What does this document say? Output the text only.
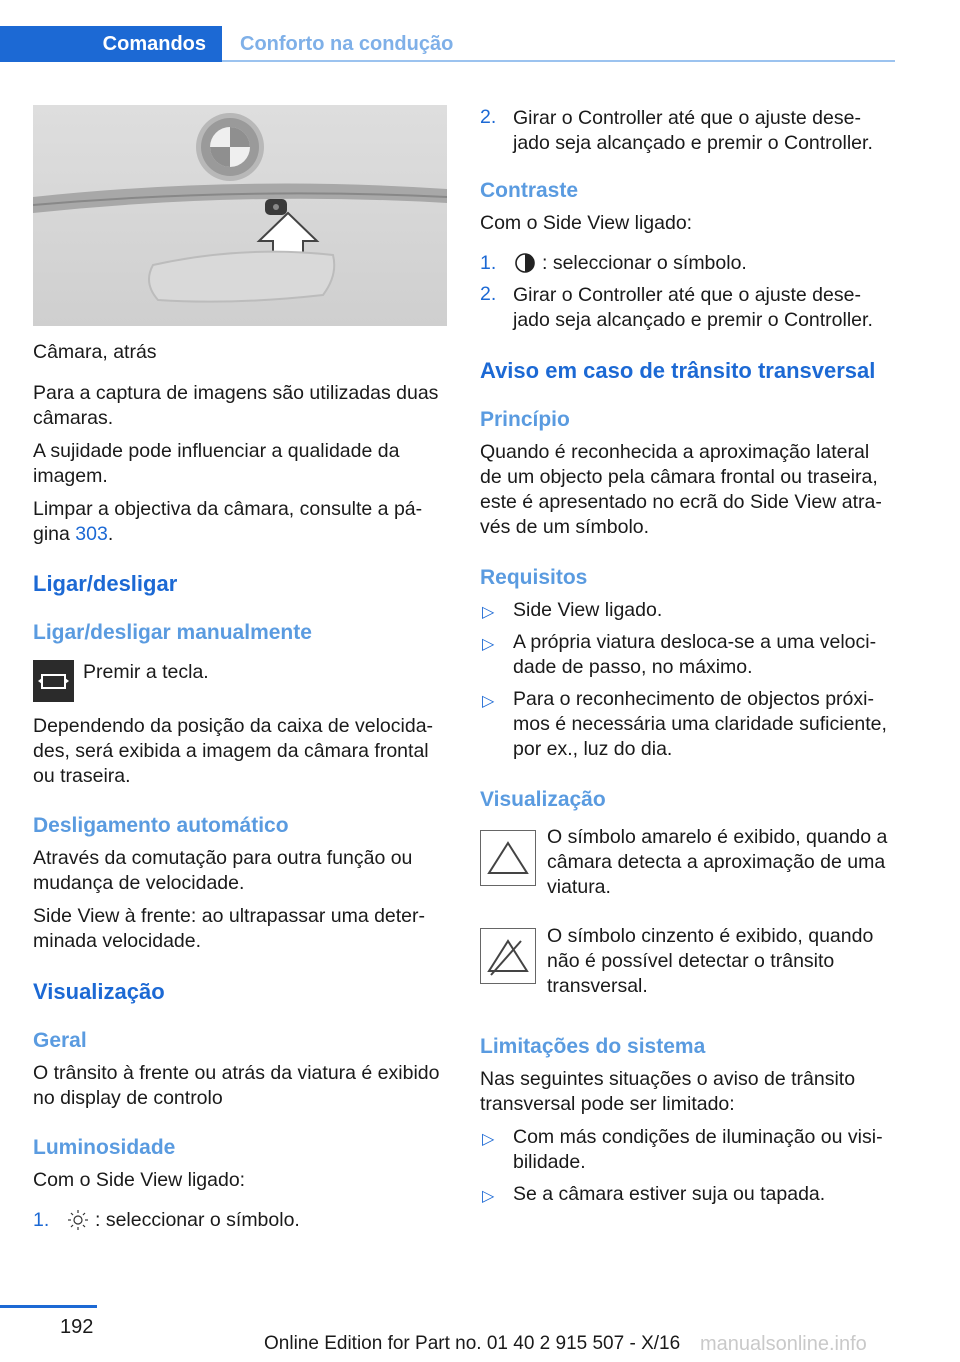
Comandos	Conforto na condução

Câmara, atrás

Para a captura de imagens são utilizadas duas câmaras.

A sujidade pode influenciar a qualidade da imagem.

Limpar a objectiva da câmara, consulte a pá‐gina 303.

Ligar/desligar
Ligar/desligar manualmente

Premir a tecla.

Dependendo da posição da caixa de velocida‐des, será exibida a imagem da câmara frontal ou traseira.

Desligamento automático

Através da comutação para outra função ou mudança de velocidade.

Side View à frente: ao ultrapassar uma deter‐minada velocidade.

Visualização
Geral

O trânsito à frente ou atrás da viatura é exibido no display de controlo

Luminosidade

Com o Side View ligado:

1. : seleccionar o símbolo.
2. Girar o Controller até que o ajuste dese‐jado seja alcançado e premir o Controller.

Contraste

Com o Side View ligado:

1. : seleccionar o símbolo.
2. Girar o Controller até que o ajuste dese‐jado seja alcançado e premir o Controller.

Aviso em caso de trânsito transversal
Princípio

Quando é reconhecida a aproximação lateral de um objecto pela câmara frontal ou traseira, este é apresentado no ecrã do Side View atra‐vés de um símbolo.

Requisitos
▷ Side View ligado.

▷ A própria viatura desloca-se a uma veloci‐dade de passo, no máximo.

▷ Para o reconhecimento de objectos próxi‐mos é necessária uma claridade suficiente, por ex., luz do dia.

Visualização

O símbolo amarelo é exibido, quando a câmara detecta a aproximação de uma viatura.

O símbolo cinzento é exibido, quando não é possível detectar o trânsito transversal.

Limitações do sistema

Nas seguintes situações o aviso de trânsito transversal pode ser limitado:

▷ Com más condições de iluminação ou visi‐bilidade.

▷ Se a câmara estiver suja ou tapada.

192
Online Edition for Part no. 01 40 2 915 507 - X/16 manualsonline.info
